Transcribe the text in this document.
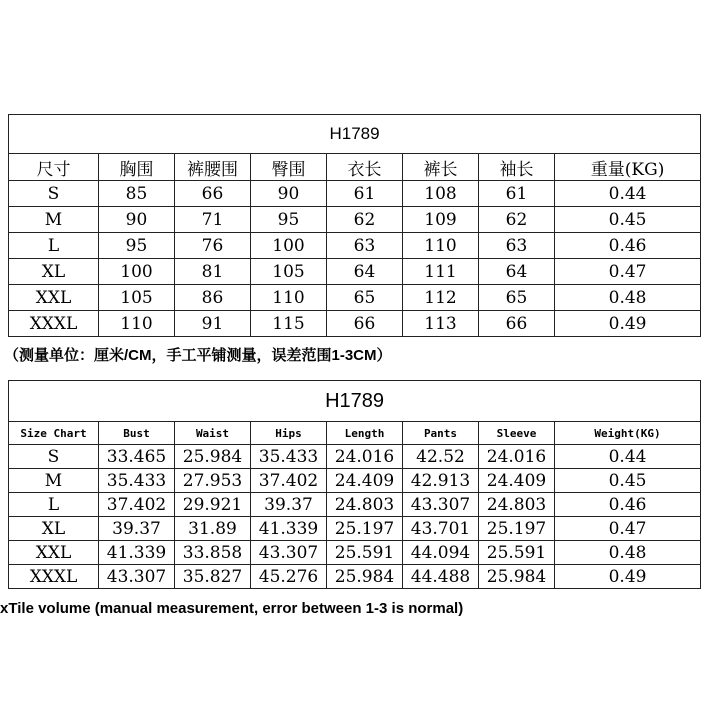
H1789							
尺寸	胸围	裤腰围	臀围	衣长	裤长	袖长	重量(KG)
S	85	66	90	61	108	61	0.44
M	90	71	95	62	109	62	0.45
L	95	76	100	63	110	63	0.46
XL	100	81	105	64	111	64	0.47
XXL	105	86	110	65	112	65	0.48
XXXL	110	91	115	66	113	66	0.49
（测量单位：厘米/CM，手工平铺测量，误差范围1-3CM）
H1789							
Size Chart	Bust	Waist	Hips	Length	Pants	Sleeve	Weight(KG)
S	33.465	25.984	35.433	24.016	42.52	24.016	0.44
M	35.433	27.953	37.402	24.409	42.913	24.409	0.45
L	37.402	29.921	39.37	24.803	43.307	24.803	0.46
XL	39.37	31.89	41.339	25.197	43.701	25.197	0.47
XXL	41.339	33.858	43.307	25.591	44.094	25.591	0.48
XXXL	43.307	35.827	45.276	25.984	44.488	25.984	0.49
xTile volume (manual measurement, error between 1-3 is normal)
